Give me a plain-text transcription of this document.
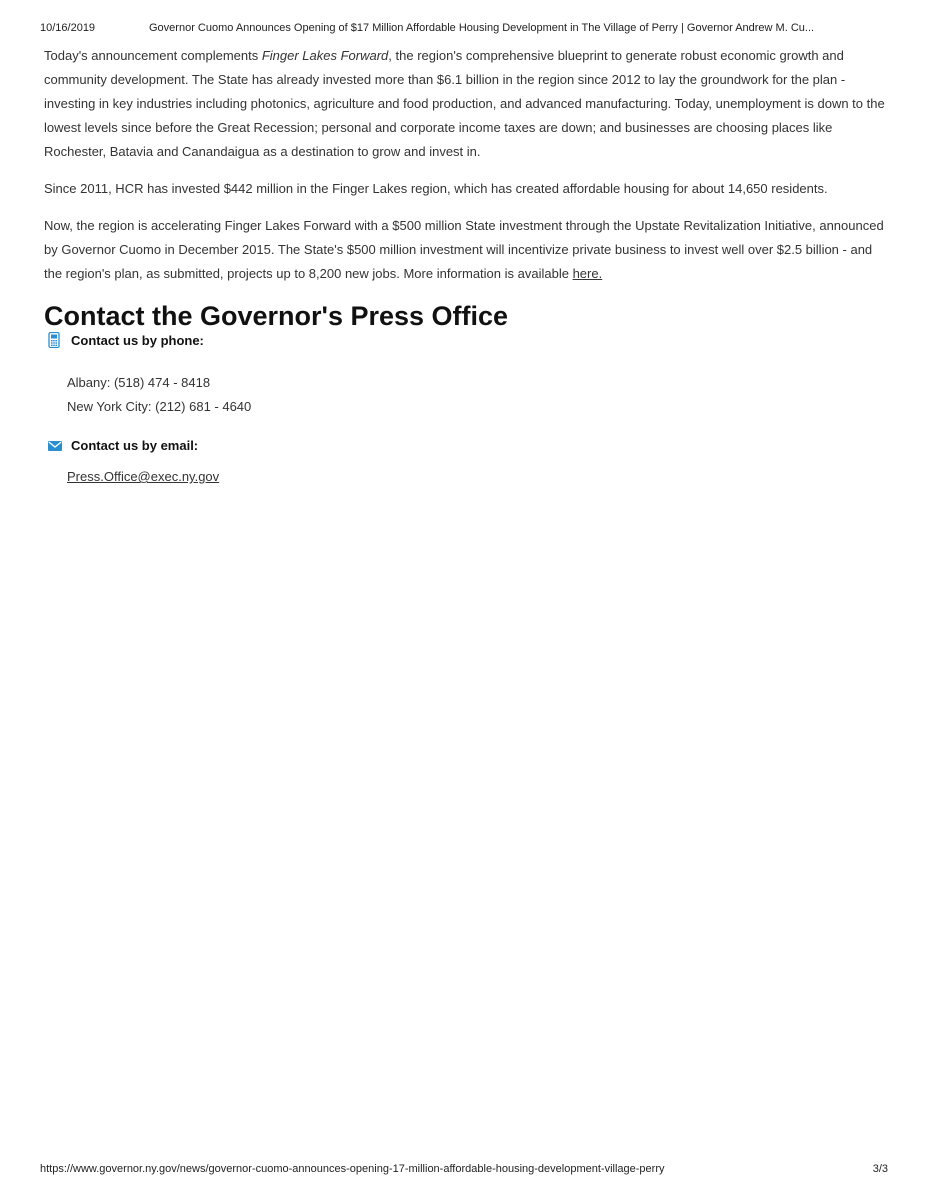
10/16/2019	Governor Cuomo Announces Opening of $17 Million Affordable Housing Development in The Village of Perry | Governor Andrew M. Cu...

Today's announcement complements Finger Lakes Forward, the region's comprehensive blueprint to generate robust economic growth and community development. The State has already invested more than $6.1 billion in the region since 2012 to lay the groundwork for the plan - investing in key industries including photonics, agriculture and food production, and advanced manufacturing. Today, unemployment is down to the lowest levels since before the Great Recession; personal and corporate income taxes are down; and businesses are choosing places like Rochester, Batavia and Canandaigua as a destination to grow and invest in.

Since 2011, HCR has invested $442 million in the Finger Lakes region, which has created affordable housing for about 14,650 residents.

Now, the region is accelerating Finger Lakes Forward with a $500 million State investment through the Upstate Revitalization Initiative, announced by Governor Cuomo in December 2015. The State's $500 million investment will incentivize private business to invest well over $2.5 billion - and the region's plan, as submitted, projects up to 8,200 new jobs. More information is available here.

Contact the Governor's Press Office
Contact us by phone:
Albany: (518) 474 - 8418
New York City: (212) 681 - 4640
Contact us by email:
Press.Office@exec.ny.gov
https://www.governor.ny.gov/news/governor-cuomo-announces-opening-17-million-affordable-housing-development-village-perry	3/3
